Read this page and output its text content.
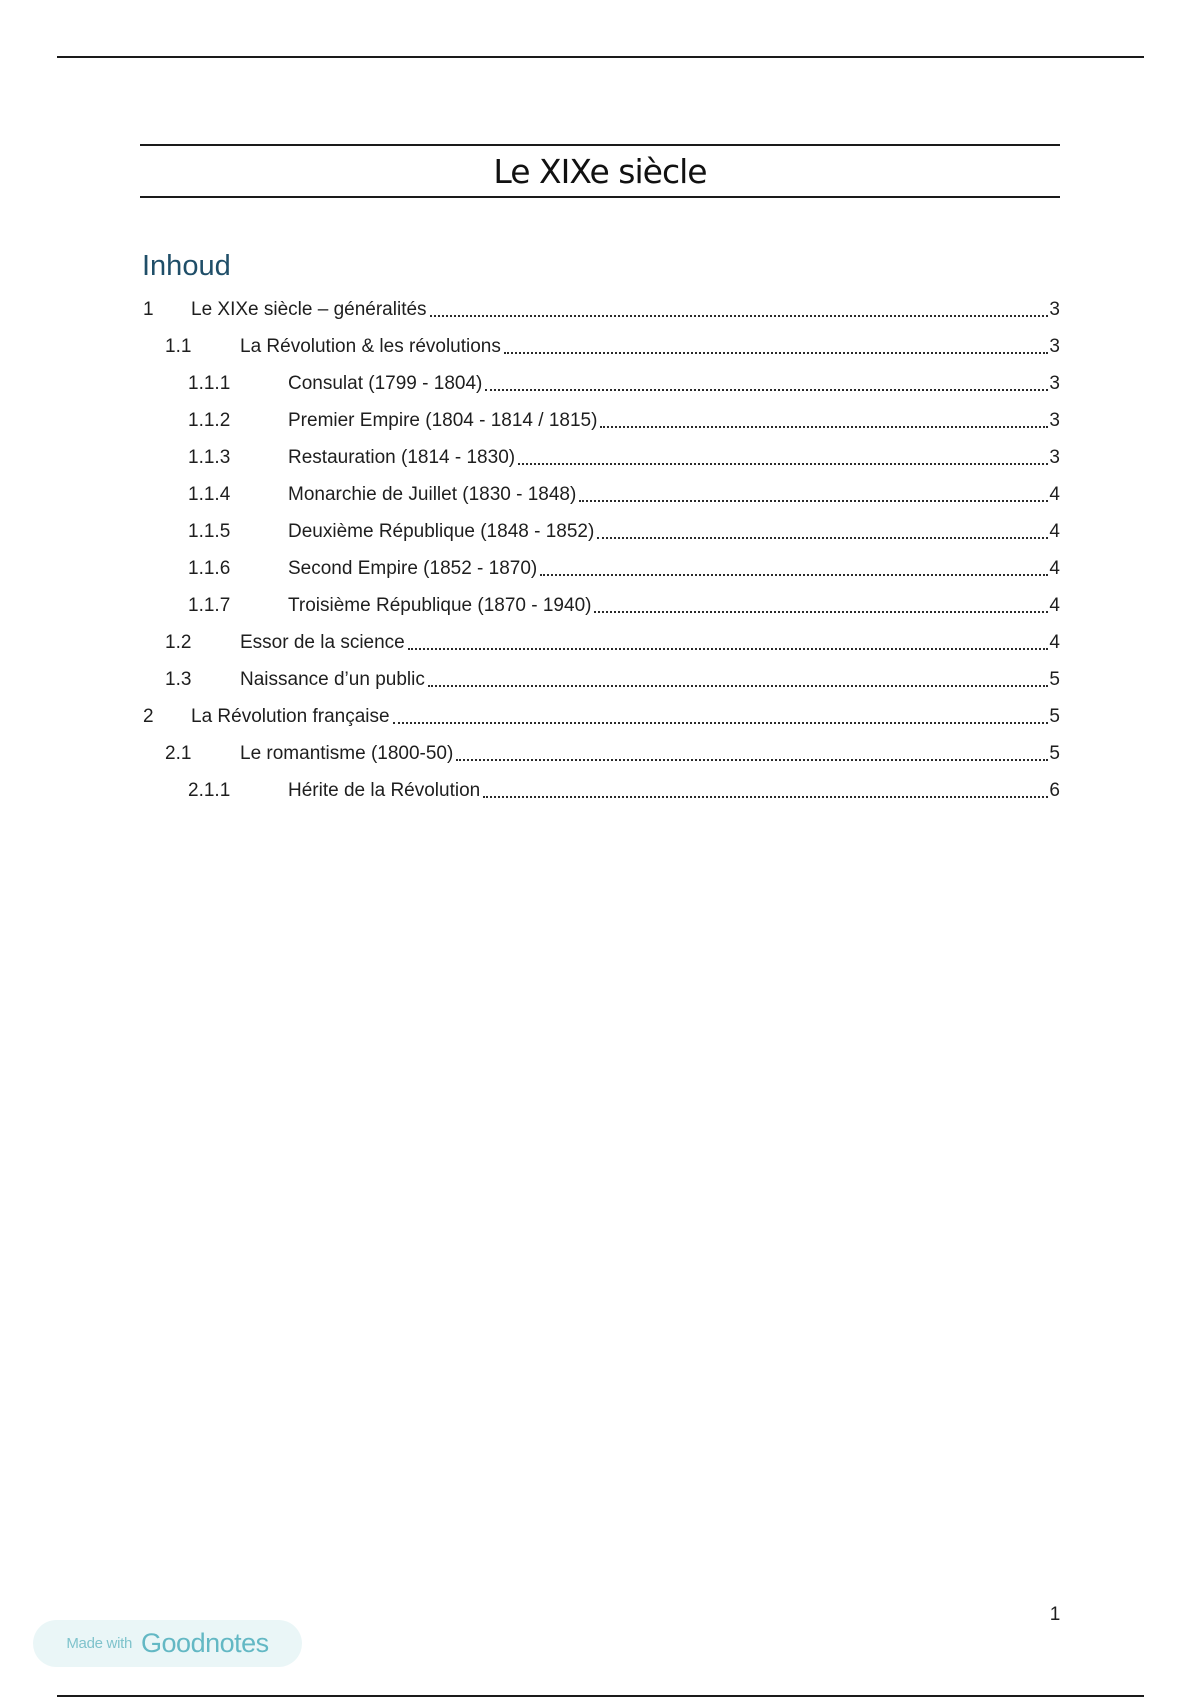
Le XIXe siècle
Inhoud
1 Le XIXe siècle – généralités	3
1.1	La Révolution & les révolutions	3
1.1.1	Consulat (1799 - 1804)	3
1.1.2	Premier Empire (1804 - 1814 / 1815)	3
1.1.3	Restauration (1814 - 1830)	3
1.1.4	Monarchie de Juillet (1830 - 1848)	4
1.1.5	Deuxième République (1848 - 1852)	4
1.1.6	Second Empire (1852 - 1870)	4
1.1.7	Troisième République (1870 - 1940)	4
1.2	Essor de la science	4
1.3	Naissance d’un public	5
2 La Révolution française	5
2.1	Le romantisme (1800-50)	5
2.1.1	Hérite de la Révolution	6
1
Made with Goodnotes
